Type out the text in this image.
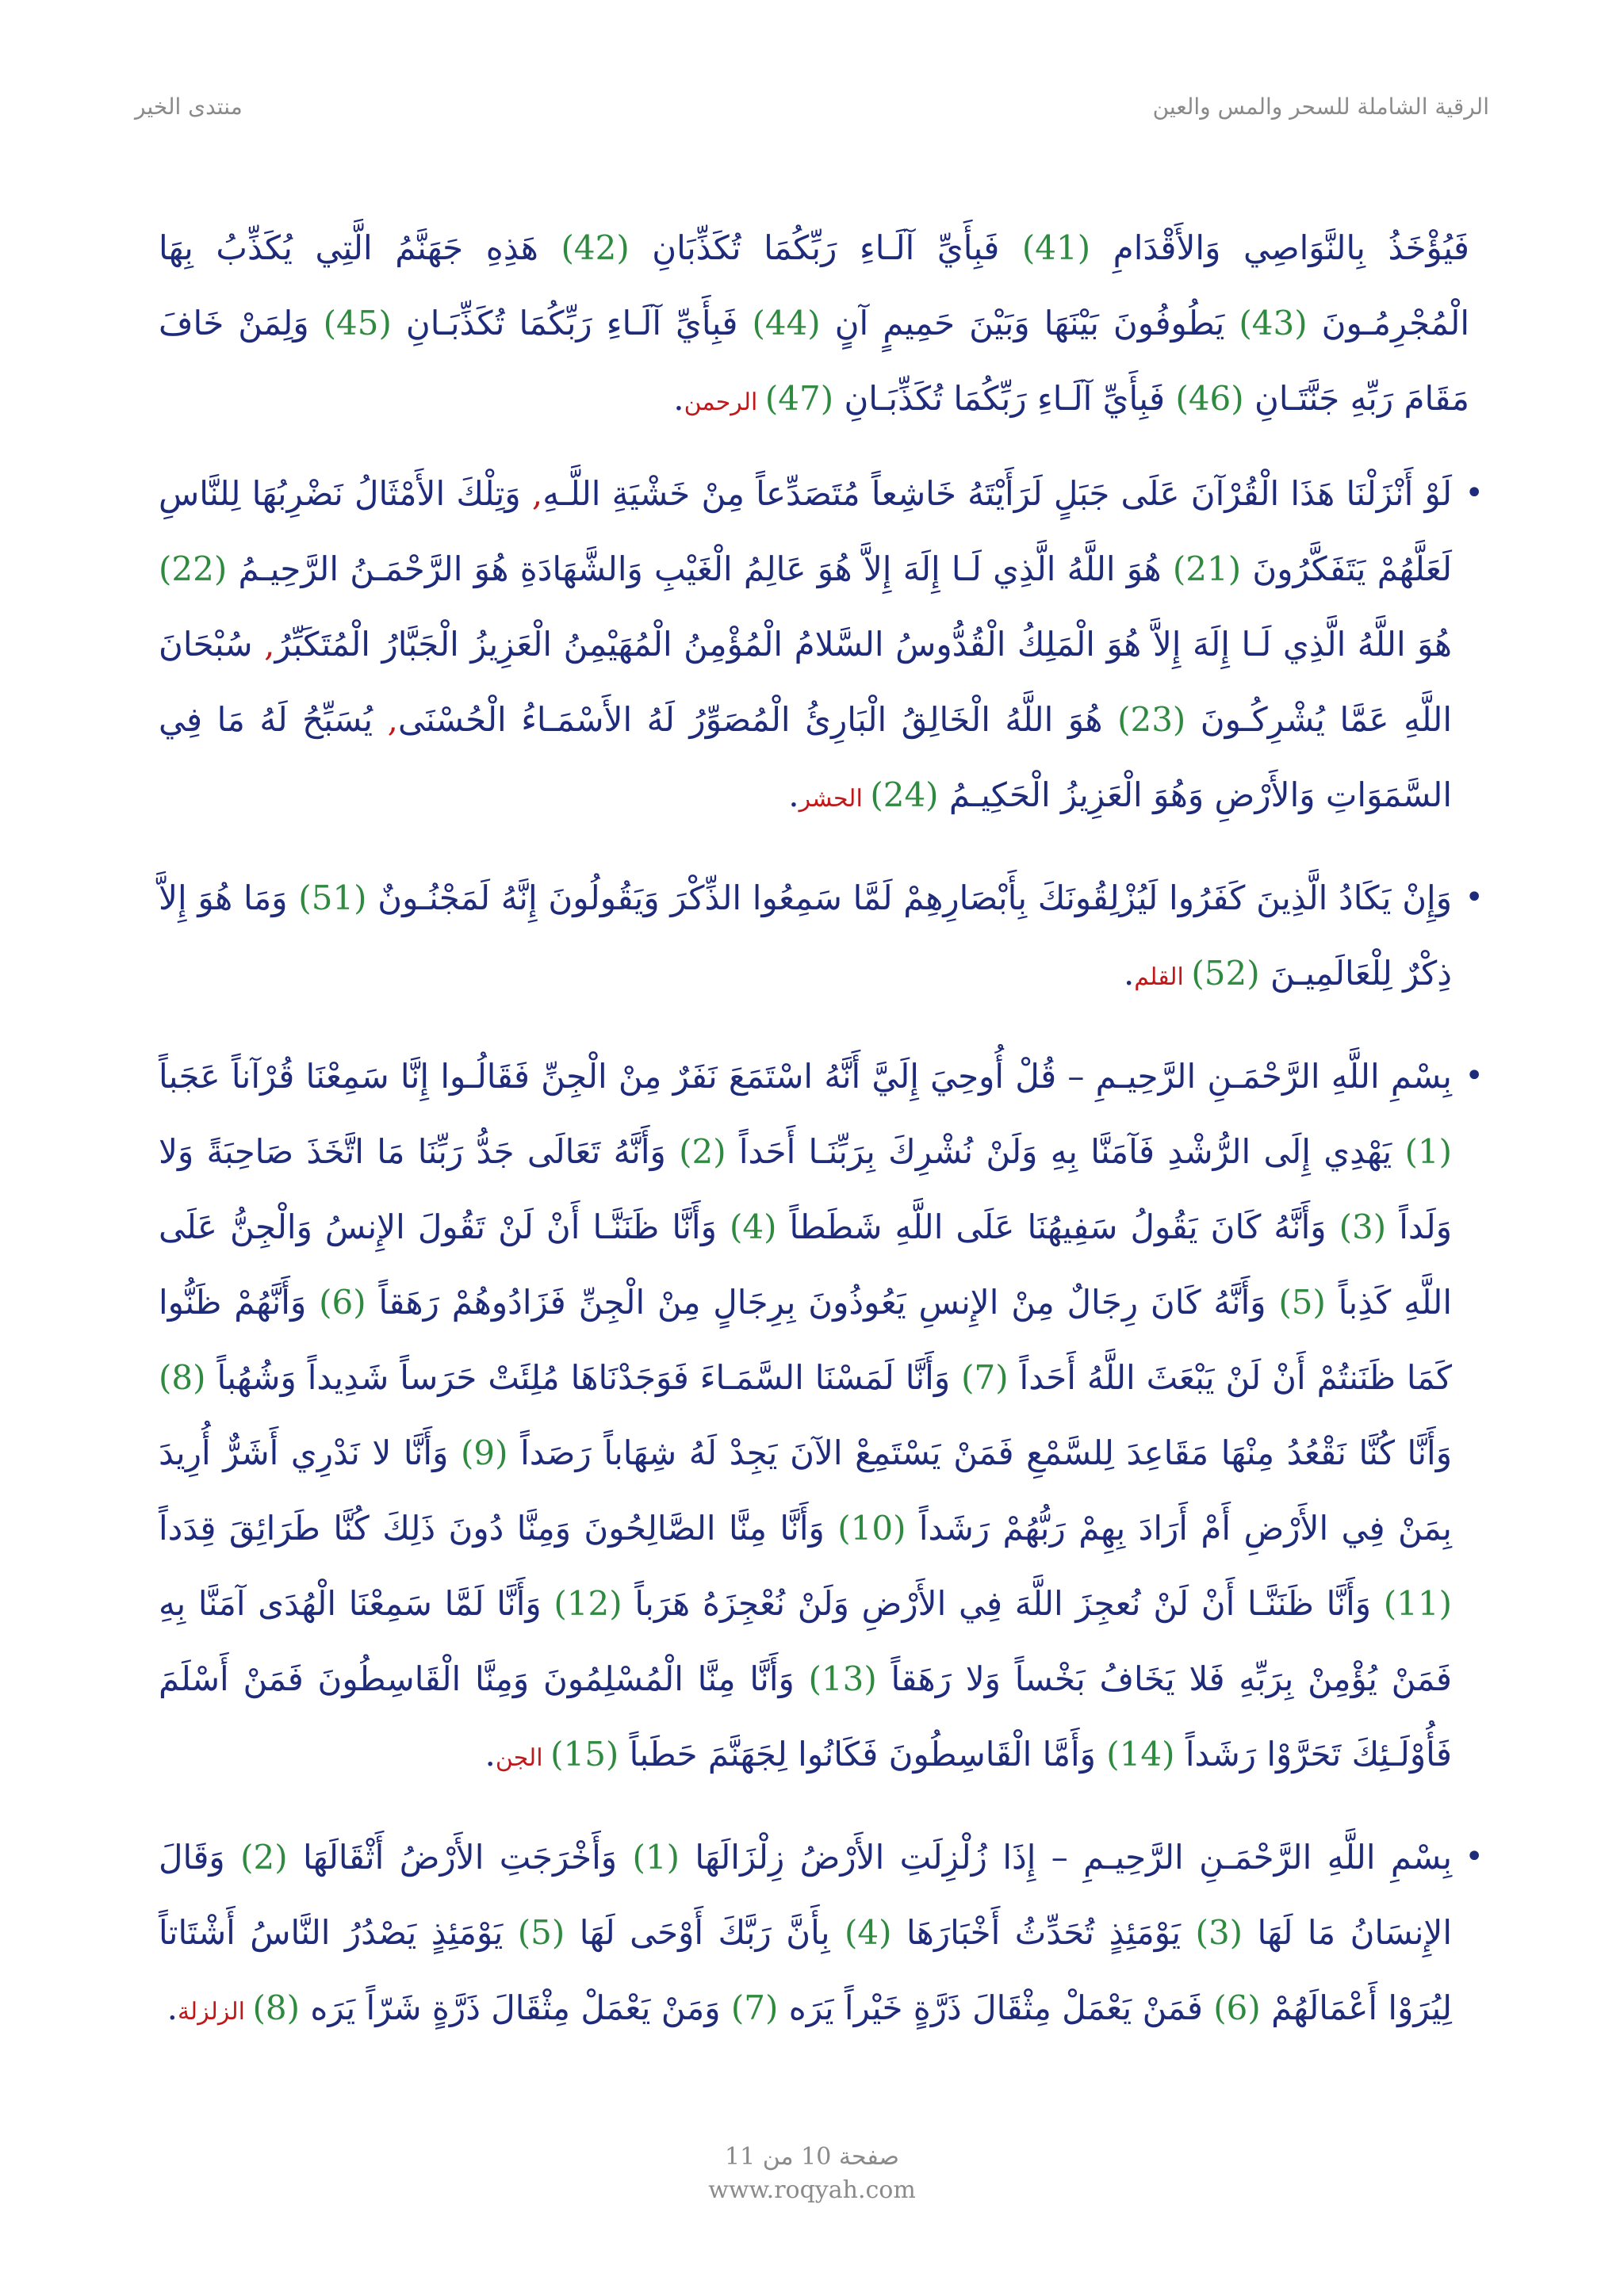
الرقية الشاملة للسحر والمس والعين
منتدى الخير

فَيُؤْخَذُ بِالنَّوَاصِي وَالأَقْدَامِ (41) فَبِأَيِّ آلَـاءِ رَبِّكُمَا تُكَذِّبَانِ (42) هَذِهِ جَهَنَّمُ الَّتِي يُكَذِّبُ بِهَا الْمُجْرِمُـونَ (43) يَطُوفُونَ بَيْنَهَا وَبَيْنَ حَمِيمٍ آنٍ (44) فَبِأَيِّ آلَـاءِ رَبِّكُمَا تُكَذِّبَـانِ (45) وَلِمَنْ خَافَ مَقَامَ رَبِّهِ جَنَّتَـانِ (46) فَبِأَيِّ آلَـاءِ رَبِّكُمَا تُكَذِّبَـانِ (47) الرحمن.

•
لَوْ أَنْزَلْنَا هَذَا الْقُرْآنَ عَلَى جَبَلٍ لَرَأَيْتَهُ خَاشِعاً مُتَصَدِّعاً مِنْ خَشْيَةِ اللَّـهِ, وَتِلْكَ الأَمْثَالُ نَضْرِبُهَا لِلنَّاسِ لَعَلَّهُمْ يَتَفَكَّرُونَ (21) هُوَ اللَّهُ الَّذِي لَـا إِلَهَ إِلاَّ هُوَ عَالِمُ الْغَيْبِ وَالشَّهَادَةِ هُوَ الرَّحْمَـنُ الرَّحِيـمُ (22) هُوَ اللَّهُ الَّذِي لَـا إِلَهَ إِلاَّ هُوَ الْمَلِكُ الْقُدُّوسُ السَّلامُ الْمُؤْمِنُ الْمُهَيْمِنُ الْعَزِيزُ الْجَبَّارُ الْمُتَكَبِّرُ, سُبْحَانَ اللَّهِ عَمَّا يُشْرِكُـونَ (23) هُوَ اللَّهُ الْخَالِقُ الْبَارِئُ الْمُصَوِّرُ لَهُ الأَسْمَـاءُ الْحُسْنَى, يُسَبِّحُ لَهُ مَا فِي السَّمَوَاتِ وَالأَرْضِ وَهُوَ الْعَزِيزُ الْحَكِيـمُ (24) الحشر.

•
وَإِنْ يَكَادُ الَّذِينَ كَفَرُوا لَيُزْلِقُونَكَ بِأَبْصَارِهِمْ لَمَّا سَمِعُوا الذِّكْرَ وَيَقُولُونَ إِنَّهُ لَمَجْنُـونٌ (51) وَمَا هُوَ إِلاَّ ذِكْرٌ لِلْعَالَمِيـنَ (52) القلم.

•
بِسْمِ اللَّهِ الرَّحْمَـنِ الرَّحِيـمِ – قُلْ أُوحِيَ إِلَيَّ أَنَّهُ اسْتَمَعَ نَفَرٌ مِنْ الْجِنِّ فَقَالُـوا إِنَّا سَمِعْنَا قُرْآناً عَجَباً (1) يَهْدِي إِلَى الرُّشْدِ فَآمَنَّا بِهِ وَلَنْ نُشْرِكَ بِرَبِّنَـا أَحَداً (2) وَأَنَّهُ تَعَالَى جَدُّ رَبِّنَا مَا اتَّخَذَ صَاحِبَةً وَلا وَلَداً (3) وَأَنَّهُ كَانَ يَقُولُ سَفِيهُنَا عَلَى اللَّهِ شَطَطاً (4) وَأَنَّا ظَنَنَّـا أَنْ لَنْ تَقُولَ الإِنسُ وَالْجِنُّ عَلَى اللَّهِ كَذِباً (5) وَأَنَّهُ كَانَ رِجَالٌ مِنْ الإِنسِ يَعُوذُونَ بِرِجَالٍ مِنْ الْجِنِّ فَزَادُوهُمْ رَهَقاً (6) وَأَنَّهُمْ ظَنُّوا كَمَا ظَنَنتُمْ أَنْ لَنْ يَبْعَثَ اللَّهُ أَحَداً (7) وَأَنَّا لَمَسْنَا السَّمَـاءَ فَوَجَدْنَاهَا مُلِئَتْ حَرَساً شَدِيداً وَشُهُباً (8) وَأَنَّا كُنَّا نَقْعُدُ مِنْهَا مَقَاعِدَ لِلسَّمْعِ فَمَنْ يَسْتَمِعْ الآنَ يَجِدْ لَهُ شِهَاباً رَصَداً (9) وَأَنَّا لا نَدْرِي أَشَرٌّ أُرِيدَ بِمَنْ فِي الأَرْضِ أَمْ أَرَادَ بِهِمْ رَبُّهُمْ رَشَداً (10) وَأَنَّا مِنَّا الصَّالِحُونَ وَمِنَّا دُونَ ذَلِكَ كُنَّا طَرَائِقَ قِدَداً (11) وَأَنَّا ظَنَنَّـا أَنْ لَنْ نُعجِزَ اللَّهَ فِي الأَرْضِ وَلَنْ نُعْجِزَهُ هَرَباً (12) وَأَنَّا لَمَّا سَمِعْنَا الْهُدَى آمَنَّا بِهِ فَمَنْ يُؤْمِنْ بِرَبِّهِ فَلا يَخَافُ بَخْساً وَلا رَهَقاً (13) وَأَنَّا مِنَّا الْمُسْلِمُونَ وَمِنَّا الْقَاسِطُونَ فَمَنْ أَسْلَمَ فَأُوْلَـئِكَ تَحَرَّوْا رَشَداً (14) وَأَمَّا الْقَاسِطُونَ فَكَانُوا لِجَهَنَّمَ حَطَباً (15) الجن.

•
بِسْمِ اللَّهِ الرَّحْمَـنِ الرَّحِيـمِ – إِذَا زُلْزِلَتِ الأَرْضُ زِلْزَالَهَا (1) وَأَخْرَجَتِ الأَرْضُ أَثْقَالَهَا (2) وَقَالَ الإِنسَانُ مَا لَهَا (3) يَوْمَئِذٍ تُحَدِّثُ أَخْبَارَهَا (4) بِأَنَّ رَبَّكَ أَوْحَى لَهَا (5) يَوْمَئِذٍ يَصْدُرُ النَّاسُ أَشْتَاتاً لِيُرَوْا أَعْمَالَهُمْ (6) فَمَنْ يَعْمَلْ مِثْقَالَ ذَرَّةٍ خَيْراً يَرَه (7) وَمَنْ يَعْمَلْ مِثْقَالَ ذَرَّةٍ شَرّاً يَرَه (8) الزلزلة.

صفحة 10 من 11
www.roqyah.com
